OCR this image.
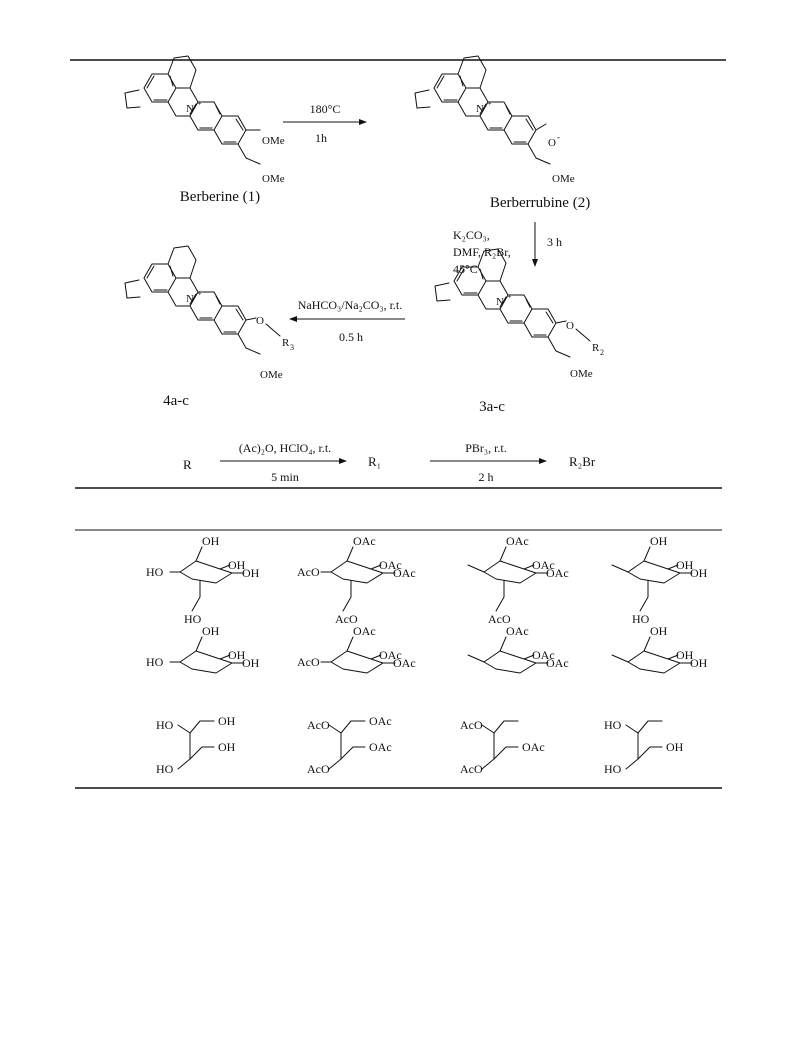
N +
OMe
OMe
Berberine (1)
180°C
1h
N +
O -
OMe
Berberrubine (2)
K₂CO₃,
DMF, R₂Br,
45°C
3 h
N +
O
R 2
OMe
3a-c
NaHCO₃/Na₂CO₃, r.t.
0.5 h
N +
O
R 3
OMe
4a-c
R
(Ac)₂O, HClO₄, r.t.
5 min
R₁
PBr₃, r.t.
2 h
R₂Br
HO
OH
OH
OH
HO
AcO
OAc
OAc
OAc
AcO
OAc
OAc
OAc
AcO
OH
OH
OH
HO
HO
OH
OH
OH	AcO
OAc
OAc
OAc
OAc
OAc
OAc
OH
OH
OH
HO	OH
HO
OH
AcO	OAc
AcO
OAc
AcO
AcO
OAc
HO
HO
OH
